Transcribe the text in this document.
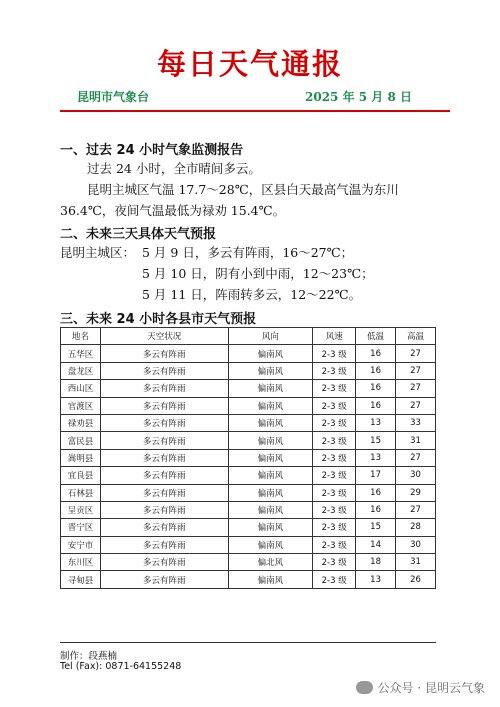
每日天气通报
昆明市气象台	2025 年 5 月 8 日
一、过去 24 小时气象监测报告
过去 24 小时，全市晴间多云。
昆明主城区气温 17.7～28℃，区县白天最高气温为东川
36.4℃，夜间气温最低为禄劝 15.4℃。
二、未来三天具体天气预报
昆明主城区： 5 月 9 日，多云有阵雨，16～27℃；
5 月 10 日，阴有小到中雨，12～23℃；
5 月 11 日，阵雨转多云，12～22℃。
三、未来 24 小时各县市天气预报
地名	天空状况	风向	风速	低温	高温
五华区	多云有阵雨	偏南风	2-3 级	16	27
盘龙区	多云有阵雨	偏南风	2-3 级	16	27
西山区	多云有阵雨	偏南风	2-3 级	16	27
官渡区	多云有阵雨	偏南风	2-3 级	16	27
禄劝县	多云有阵雨	偏南风	2-3 级	13	33
富民县	多云有阵雨	偏南风	2-3 级	15	31
嵩明县	多云有阵雨	偏南风	2-3 级	13	27
宜良县	多云有阵雨	偏南风	2-3 级	17	30
石林县	多云有阵雨	偏南风	2-3 级	16	29
呈贡区	多云有阵雨	偏南风	2-3 级	16	27
晋宁区	多云有阵雨	偏南风	2-3 级	15	28
安宁市	多云有阵雨	偏南风	2-3 级	14	30
东川区	多云有阵雨	偏北风	2-3 级	18	31
寻甸县	多云有阵雨	偏南风	2-3 级	13	26
制作：段燕楠
Tel (Fax): 0871-64155248
公众号 · 昆明云气象
